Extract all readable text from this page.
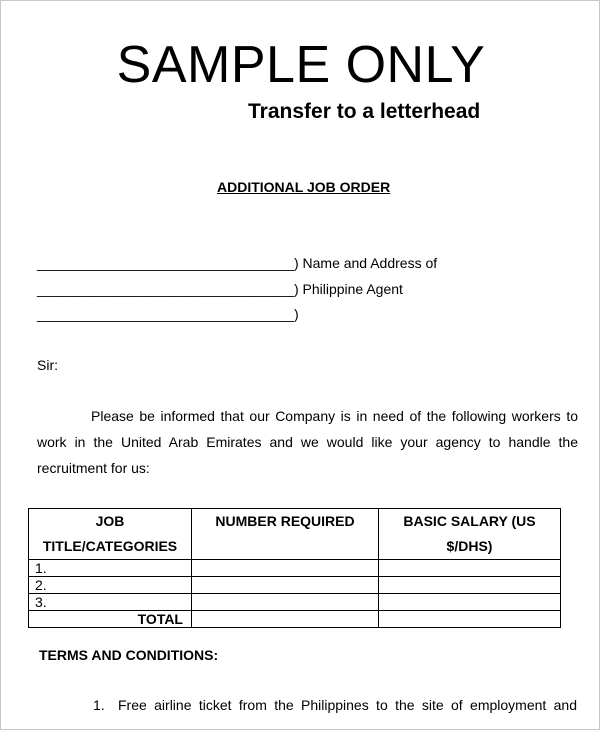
SAMPLE ONLY
Transfer to a letterhead
ADDITIONAL JOB ORDER
_________________________________) Name and Address of
_________________________________) Philippine Agent
_________________________________)
Sir:
Please be informed that our Company is in need of the following workers to work in the United Arab Emirates and we would like your agency to handle the recruitment for us:
JOB TITLE/CATEGORIES	NUMBER REQUIRED	BASIC SALARY (US $/DHS)
1.		
2.		
3.		
TOTAL		
TERMS AND CONDITIONS:
1. Free airline ticket from the Philippines to the site of employment and
